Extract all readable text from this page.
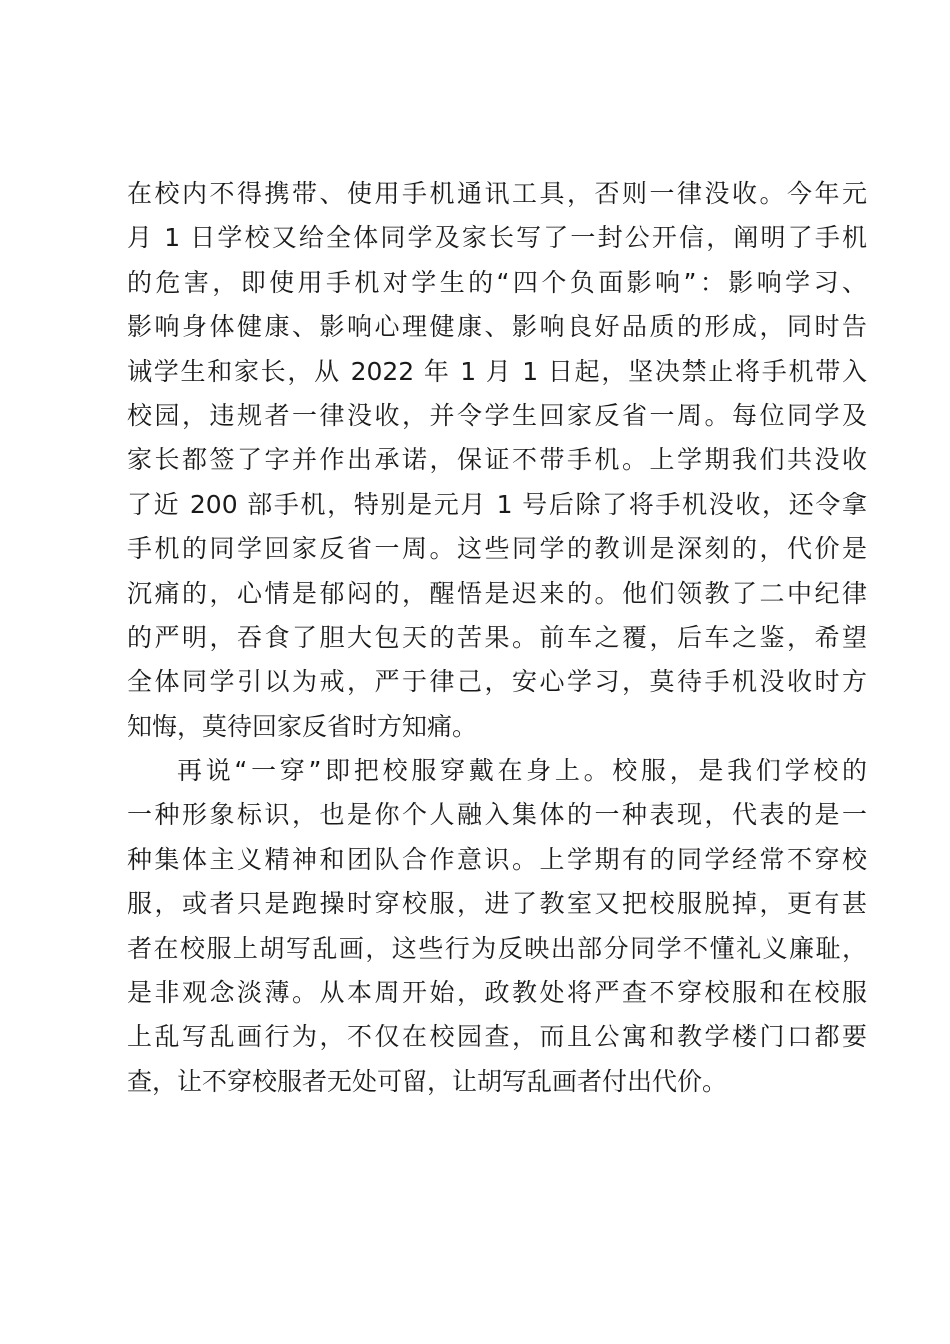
在校内不得携带、使用手机通讯工具，否则一律没收。今年元
月 1 日学校又给全体同学及家长写了一封公开信，阐明了手机
的危害，即使用手机对学生的“四个负面影响”：影响学习、
影响身体健康、影响心理健康、影响良好品质的形成，同时告
诫学生和家长，从 2022 年 1 月 1 日起，坚决禁止将手机带入
校园，违规者一律没收，并令学生回家反省一周。每位同学及
家长都签了字并作出承诺，保证不带手机。上学期我们共没收
了近 200 部手机，特别是元月 1 号后除了将手机没收，还令拿
手机的同学回家反省一周。这些同学的教训是深刻的，代价是
沉痛的，心情是郁闷的，醒悟是迟来的。他们领教了二中纪律
的严明，吞食了胆大包天的苦果。前车之覆，后车之鉴，希望
全体同学引以为戒，严于律己，安心学习，莫待手机没收时方
知悔，莫待回家反省时方知痛。
再说“一穿”即把校服穿戴在身上。校服，是我们学校的
一种形象标识，也是你个人融入集体的一种表现，代表的是一
种集体主义精神和团队合作意识。上学期有的同学经常不穿校
服，或者只是跑操时穿校服，进了教室又把校服脱掉，更有甚
者在校服上胡写乱画，这些行为反映出部分同学不懂礼义廉耻，
是非观念淡薄。从本周开始，政教处将严查不穿校服和在校服
上乱写乱画行为，不仅在校园查，而且公寓和教学楼门口都要
查，让不穿校服者无处可留，让胡写乱画者付出代价。
